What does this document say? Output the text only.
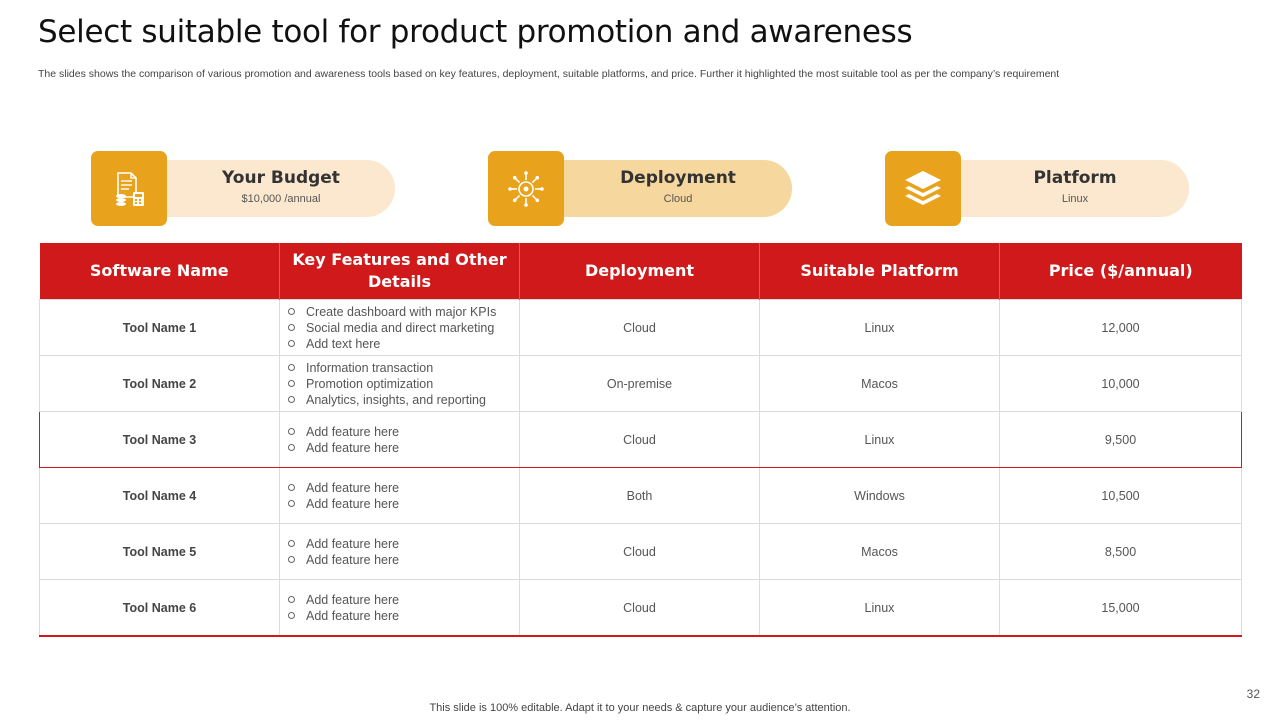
Select suitable tool for product promotion and awareness
The slides shows the comparison of various promotion and awareness tools based on key features, deployment, suitable platforms, and price. Further it highlighted the most suitable tool as per the company’s requirement
Your Budget
$10,000 /annual
Deployment
Cloud
Platform
Linux
Software Name	Key Features and Other Details	Deployment	Suitable Platform	Price ($/annual)
Tool Name 1	Create dashboard with major KPIs
Social media and direct marketing
Add text here	Cloud	Linux	12,000
Tool Name 2	Information transaction
Promotion optimization
Analytics, insights, and reporting	On-premise	Macos	10,000
Tool Name 3	Add feature here
Add feature here	Cloud	Linux	9,500
Tool Name 4	Add feature here
Add feature here	Both	Windows	10,500
Tool Name 5	Add feature here
Add feature here	Cloud	Macos	8,500
Tool Name 6	Add feature here
Add feature here	Cloud	Linux	15,000
32
This slide is 100% editable. Adapt it to your needs & capture your audience’s attention.
